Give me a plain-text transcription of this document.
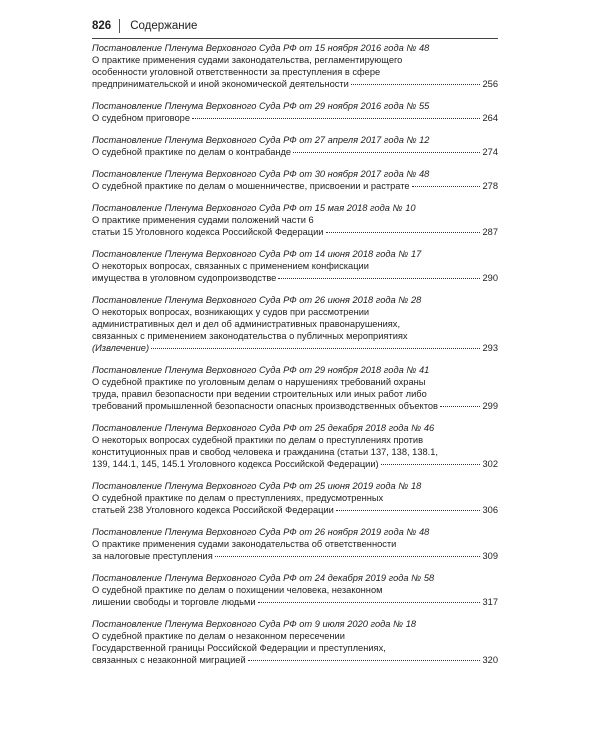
826 Содержание
Постановление Пленума Верховного Суда РФ от 15 ноября 2016 года № 48
О практике применения судами законодательства, регламентирующего
особенности уголовной ответственности за преступления в сфере
предпринимательской и иной экономической деятельности	256
Постановление Пленума Верховного Суда РФ от 29 ноября 2016 года № 55
О судебном приговоре	264
Постановление Пленума Верховного Суда РФ от 27 апреля 2017 года № 12
О судебной практике по делам о контрабанде	274
Постановление Пленума Верховного Суда РФ от 30 ноября 2017 года № 48
О судебной практике по делам о мошенничестве, присвоении и растрате	278
Постановление Пленума Верховного Суда РФ от 15 мая 2018 года № 10
О практике применения судами положений части 6
статьи 15 Уголовного кодекса Российской Федерации	287
Постановление Пленума Верховного Суда РФ от 14 июня 2018 года № 17
О некоторых вопросах, связанных с применением конфискации
имущества в уголовном судопроизводстве	290
Постановление Пленума Верховного Суда РФ от 26 июня 2018 года № 28
О некоторых вопросах, возникающих у судов при рассмотрении
административных дел и дел об административных правонарушениях,
связанных с применением законодательства о публичных мероприятиях
(Извлечение)	293
Постановление Пленума Верховного Суда РФ от 29 ноября 2018 года № 41
О судебной практике по уголовным делам о нарушениях требований охраны
труда, правил безопасности при ведении строительных или иных работ либо
требований промышленной безопасности опасных производственных объектов	299
Постановление Пленума Верховного Суда РФ от 25 декабря 2018 года № 46
О некоторых вопросах судебной практики по делам о преступлениях против
конституционных прав и свобод человека и гражданина (статьи 137, 138, 138.1,
139, 144.1, 145, 145.1 Уголовного кодекса Российской Федерации)	302
Постановление Пленума Верховного Суда РФ от 25 июня 2019 года № 18
О судебной практике по делам о преступлениях, предусмотренных
статьей 238 Уголовного кодекса Российской Федерации	306
Постановление Пленума Верховного Суда РФ от 26 ноября 2019 года № 48
О практике применения судами законодательства об ответственности
за налоговые преступления	309
Постановление Пленума Верховного Суда РФ от 24 декабря 2019 года № 58
О судебной практике по делам о похищении человека, незаконном
лишении свободы и торговле людьми	317
Постановление Пленума Верховного Суда РФ от 9 июля 2020 года № 18
О судебной практике по делам о незаконном пересечении
Государственной границы Российской Федерации и преступлениях,
связанных с незаконной миграцией	320
